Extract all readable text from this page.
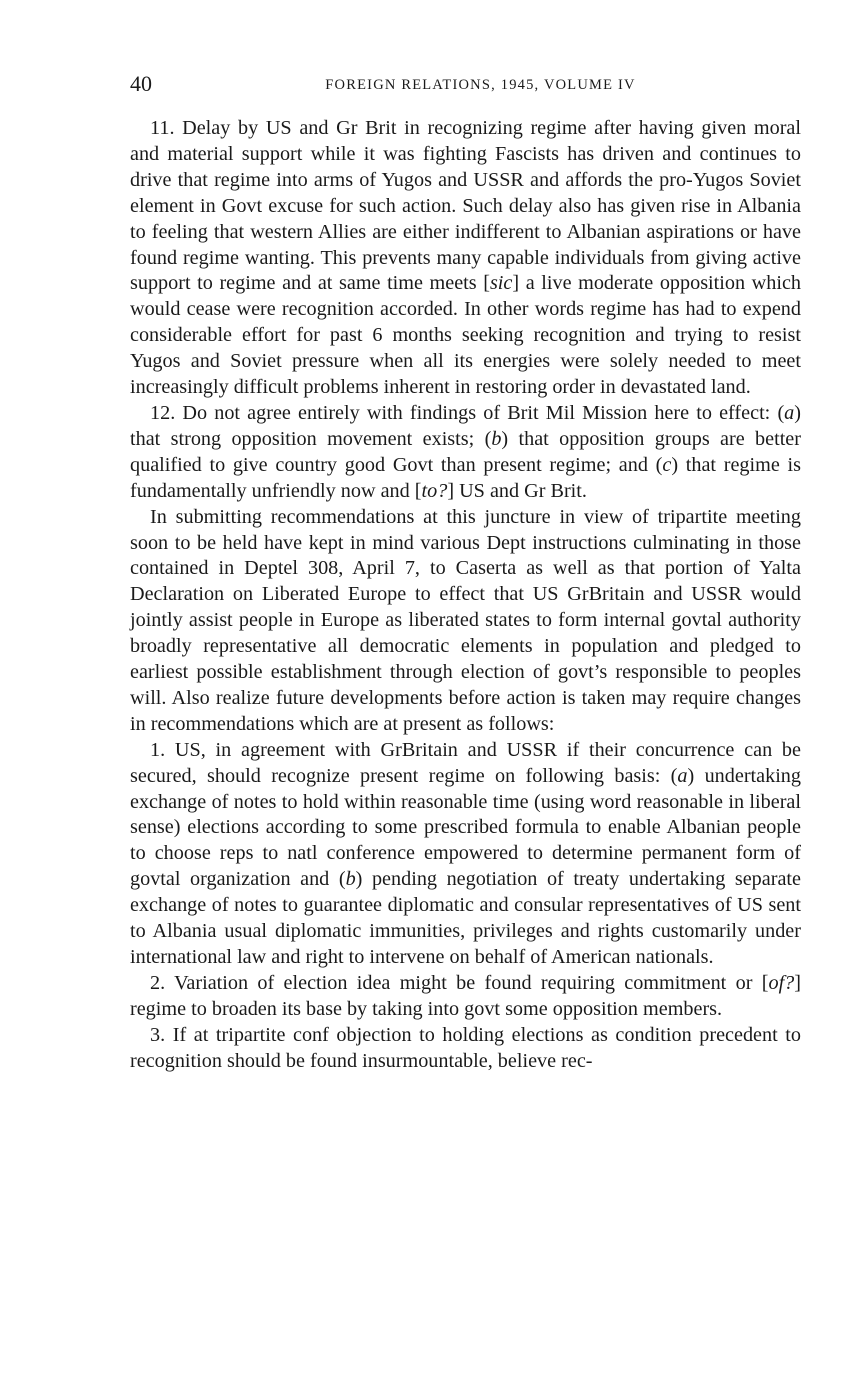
40	FOREIGN RELATIONS, 1945, VOLUME IV

11. Delay by US and Gr Brit in recognizing regime after having given moral and material support while it was fighting Fascists has driven and continues to drive that regime into arms of Yugos and USSR and affords the pro-Yugos Soviet element in Govt excuse for such action. Such delay also has given rise in Albania to feeling that western Allies are either indifferent to Albanian aspirations or have found regime wanting. This prevents many capable individuals from giving active support to regime and at same time meets [sic] a live moderate opposition which would cease were recognition accorded. In other words regime has had to expend considerable effort for past 6 months seeking recognition and trying to resist Yugos and Soviet pressure when all its energies were solely needed to meet increasingly difficult problems inherent in restoring order in devastated land.

12. Do not agree entirely with findings of Brit Mil Mission here to effect: (a) that strong opposition movement exists; (b) that opposition groups are better qualified to give country good Govt than present regime; and (c) that regime is fundamentally unfriendly now and [to?] US and Gr Brit.

In submitting recommendations at this juncture in view of tripartite meeting soon to be held have kept in mind various Dept instructions culminating in those contained in Deptel 308, April 7, to Caserta as well as that portion of Yalta Declaration on Liberated Europe to effect that US GrBritain and USSR would jointly assist people in Europe as liberated states to form internal govtal authority broadly representative all democratic elements in population and pledged to earliest possible establishment through election of govt’s responsible to peoples will. Also realize future developments before action is taken may require changes in recommendations which are at present as follows:

1. US, in agreement with GrBritain and USSR if their concurrence can be secured, should recognize present regime on following basis: (a) undertaking exchange of notes to hold within reasonable time (using word reasonable in liberal sense) elections according to some prescribed formula to enable Albanian people to choose reps to natl conference empowered to determine permanent form of govtal organization and (b) pending negotiation of treaty undertaking separate exchange of notes to guarantee diplomatic and consular representatives of US sent to Albania usual diplomatic immunities, privileges and rights customarily under international law and right to intervene on behalf of American nationals.

2. Variation of election idea might be found requiring commitment or [of?] regime to broaden its base by taking into govt some opposition members.

3. If at tripartite conf objection to holding elections as condition precedent to recognition should be found insurmountable, believe rec-
